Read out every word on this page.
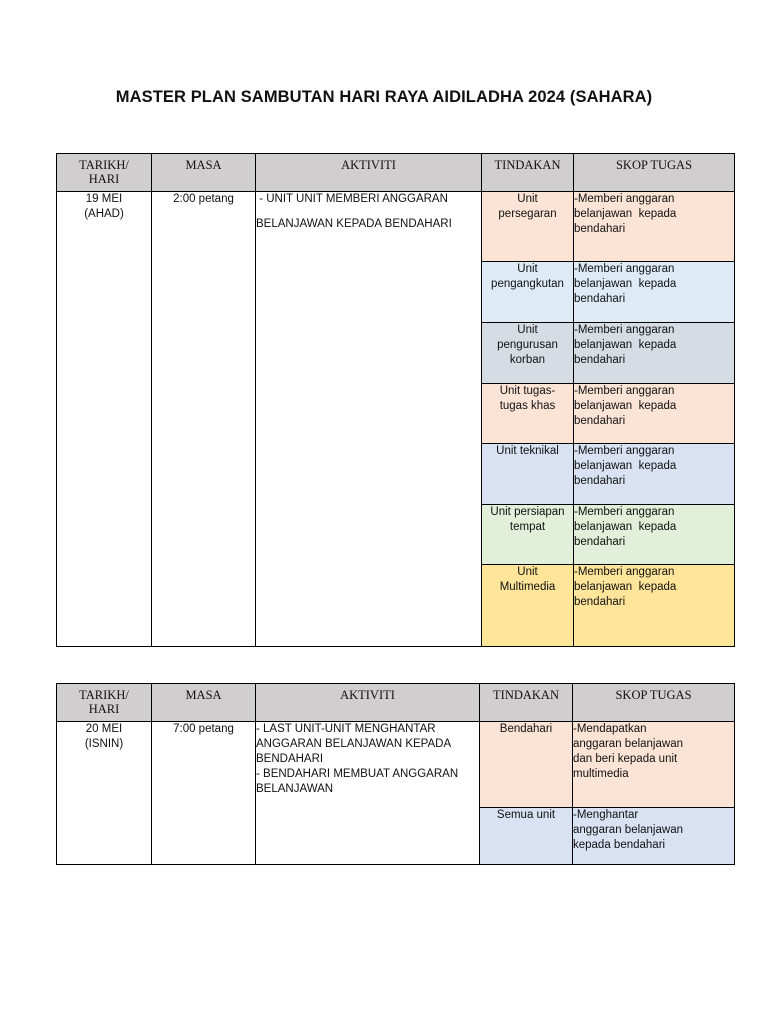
MASTER PLAN SAMBUTAN HARI RAYA AIDILADHA 2024 (SAHARA)
TARIKH/
HARI	MASA	AKTIVITI	TINDAKAN	SKOP TUGAS

19 MEI
(AHAD)	2:00 petang	- UNIT UNIT MEMBERI ANGGARAN
BELANJAWAN KEPADA BENDAHARI	Unit
persegaran	-Memberi anggaran
belanjawan  kepada
bendahari

			Unit
pengangkutan	-Memberi anggaran
belanjawan  kepada
bendahari

			Unit
pengurusan
korban	-Memberi anggaran
belanjawan  kepada
bendahari

			Unit tugas-
tugas khas	-Memberi anggaran
belanjawan  kepada
bendahari

			Unit teknikal	-Memberi anggaran
belanjawan  kepada
bendahari

			Unit persiapan
tempat	-Memberi anggaran
belanjawan  kepada
bendahari

			Unit
Multimedia	-Memberi anggaran
belanjawan  kepada
bendahari
TARIKH/
HARI	MASA	AKTIVITI	TINDAKAN	SKOP TUGAS

20 MEI
(ISNIN)	7:00 petang	- LAST UNIT-UNIT MENGHANTAR
ANGGARAN BELANJAWAN KEPADA
BENDAHARI
- BENDAHARI MEMBUAT ANGGARAN
BELANJAWAN	Bendahari	-Mendapatkan
anggaran belanjawan
dan beri kepada unit
multimedia

			Semua unit	-Menghantar
anggaran belanjawan
kepada bendahari
